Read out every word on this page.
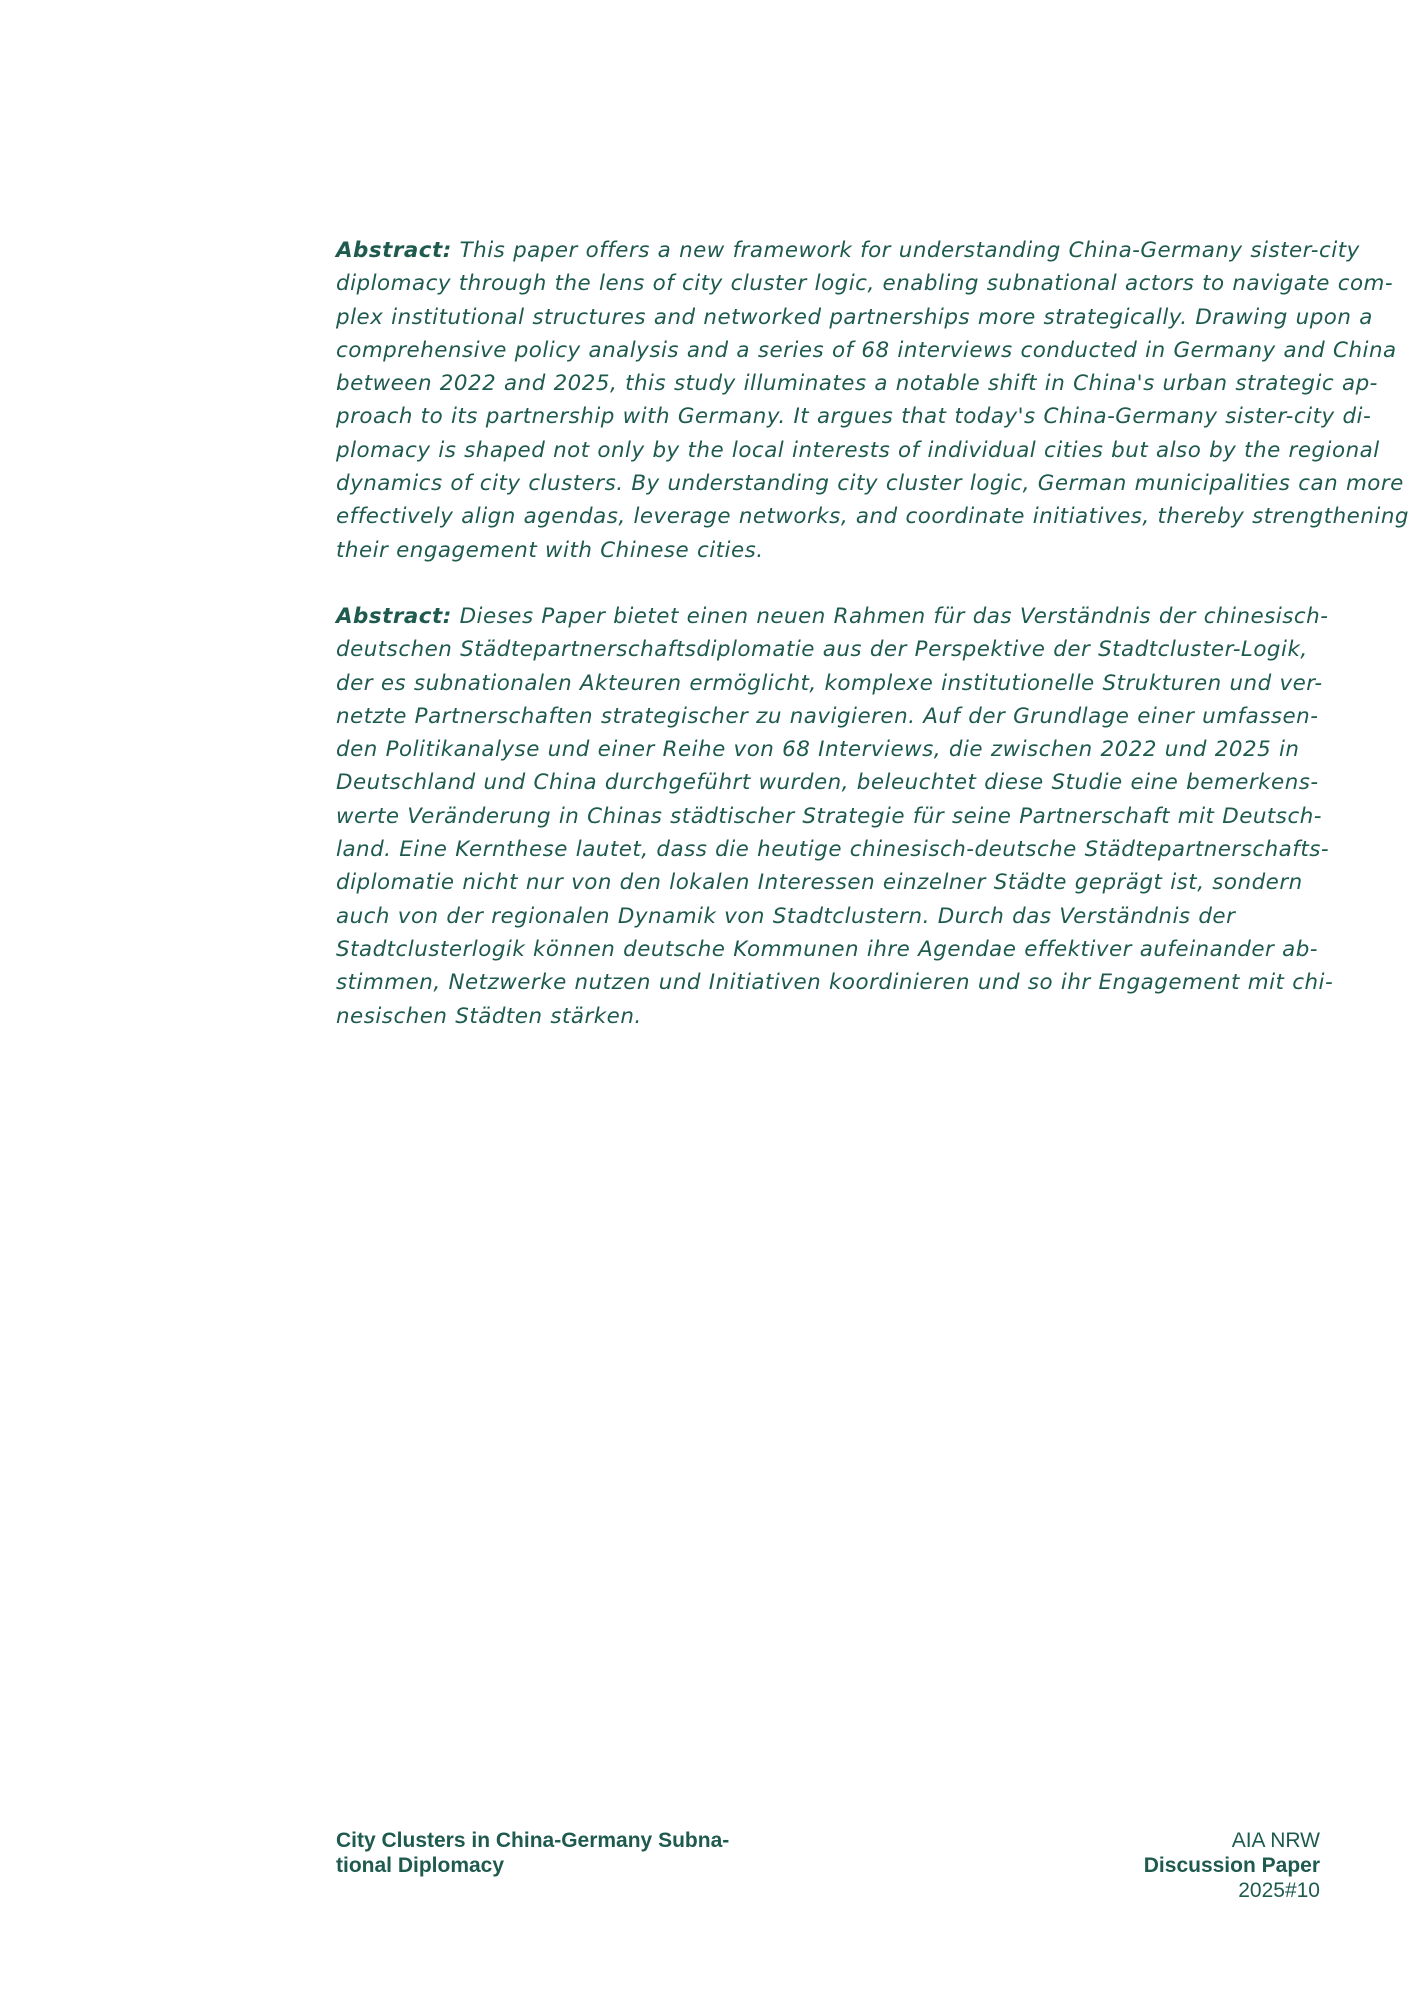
Abstract: This paper offers a new framework for understanding China-Germany sister-city
diplomacy through the lens of city cluster logic, enabling subnational actors to navigate com-
plex institutional structures and networked partnerships more strategically. Drawing upon a
comprehensive policy analysis and a series of 68 interviews conducted in Germany and China
between 2022 and 2025, this study illuminates a notable shift in China's urban strategic ap-
proach to its partnership with Germany. It argues that today's China-Germany sister-city di-
plomacy is shaped not only by the local interests of individual cities but also by the regional
dynamics of city clusters. By understanding city cluster logic, German municipalities can more
effectively align agendas, leverage networks, and coordinate initiatives, thereby strengthening
their engagement with Chinese cities.
Abstract: Dieses Paper bietet einen neuen Rahmen für das Verständnis der chinesisch-
deutschen Städtepartnerschaftsdiplomatie aus der Perspektive der Stadtcluster-Logik,
der es subnationalen Akteuren ermöglicht, komplexe institutionelle Strukturen und ver-
netzte Partnerschaften strategischer zu navigieren. Auf der Grundlage einer umfassen-
den Politikanalyse und einer Reihe von 68 Interviews, die zwischen 2022 und 2025 in
Deutschland und China durchgeführt wurden, beleuchtet diese Studie eine bemerkens-
werte Veränderung in Chinas städtischer Strategie für seine Partnerschaft mit Deutsch-
land. Eine Kernthese lautet, dass die heutige chinesisch-deutsche Städtepartnerschafts-
diplomatie nicht nur von den lokalen Interessen einzelner Städte geprägt ist, sondern
auch von der regionalen Dynamik von Stadtclustern. Durch das Verständnis der
Stadtclusterlogik können deutsche Kommunen ihre Agendae effektiver aufeinander ab-
stimmen, Netzwerke nutzen und Initiativen koordinieren und so ihr Engagement mit chi-
nesischen Städten stärken.
City Clusters in China-Germany Subna-
tional Diplomacy
AIA NRW
Discussion Paper
2025#10
